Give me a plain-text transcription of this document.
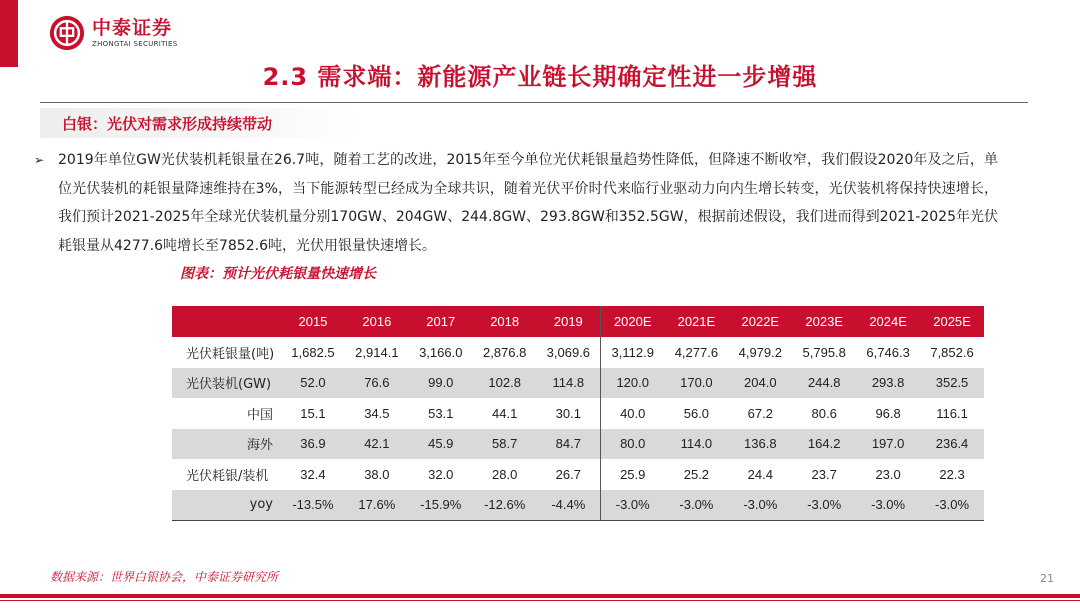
中泰证券
ZHONGTAI SECURITIES
2.3 需求端：新能源产业链长期确定性进一步增强
白银：光伏对需求形成持续带动
➢ 2019年单位GW光伏装机耗银量在26.7吨，随着工艺的改进，2015年至今单位光伏耗银量趋势性降低，但降速不断收窄，我们假设2020年及之后，单位光伏装机的耗银量降速维持在3%，当下能源转型已经成为全球共识，随着光伏平价时代来临行业驱动力向内生增长转变，光伏装机将保持快速增长，我们预计2021-2025年全球光伏装机量分别170GW、204GW、244.8GW、293.8GW和352.5GW，根据前述假设，我们进而得到2021-2025年光伏耗银量从4277.6吨增长至7852.6吨，光伏用银量快速增长。
图表：预计光伏耗银量快速增长
	2015	2016	2017	2018	2019	2020E	2021E	2022E	2023E	2024E	2025E
光伏耗银量(吨)	1,682.5	2,914.1	3,166.0	2,876.8	3,069.6	3,112.9	4,277.6	4,979.2	5,795.8	6,746.3	7,852.6
光伏装机(GW)	52.0	76.6	99.0	102.8	114.8	120.0	170.0	204.0	244.8	293.8	352.5
中国	15.1	34.5	53.1	44.1	30.1	40.0	56.0	67.2	80.6	96.8	116.1
海外	36.9	42.1	45.9	58.7	84.7	80.0	114.0	136.8	164.2	197.0	236.4
光伏耗银/装机	32.4	38.0	32.0	28.0	26.7	25.9	25.2	24.4	23.7	23.0	22.3
yoy	-13.5%	17.6%	-15.9%	-12.6%	-4.4%	-3.0%	-3.0%	-3.0%	-3.0%	-3.0%	-3.0%
数据来源：世界白银协会，中泰证券研究所	21
